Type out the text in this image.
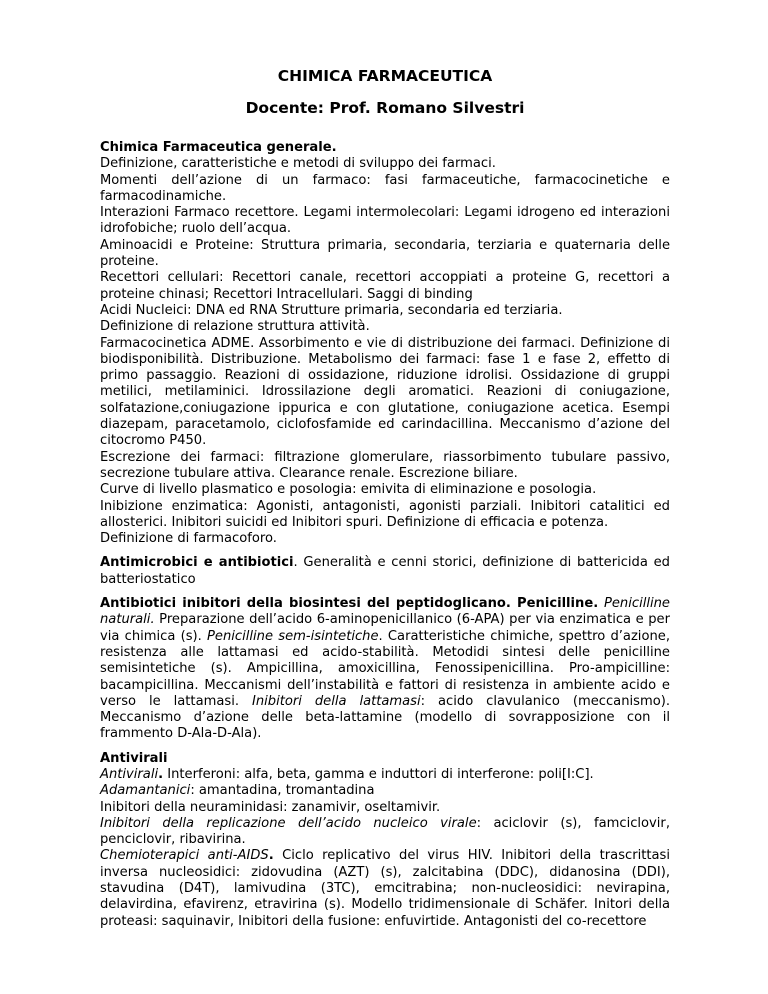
CHIMICA FARMACEUTICA
Docente: Prof. Romano Silvestri

Chimica Farmaceutica generale.

Definizione, caratteristiche e metodi di sviluppo dei farmaci.

Momenti dell’azione di un farmaco: fasi farmaceutiche, farmacocinetiche e farmacodinamiche.

Interazioni Farmaco recettore. Legami intermolecolari: Legami idrogeno ed interazioni idrofobiche; ruolo dell’acqua.

Aminoacidi e Proteine: Struttura primaria, secondaria, terziaria e quaternaria delle proteine.

Recettori cellulari: Recettori canale, recettori accoppiati a proteine G, recettori a proteine chinasi; Recettori Intracellulari. Saggi di binding

Acidi Nucleici: DNA ed RNA Strutture primaria, secondaria ed terziaria.

Definizione di relazione struttura attività.

Farmacocinetica ADME. Assorbimento e vie di distribuzione dei farmaci. Definizione di biodisponibilità. Distribuzione. Metabolismo dei farmaci: fase 1 e fase 2, effetto di primo passaggio. Reazioni di ossidazione, riduzione idrolisi. Ossidazione di gruppi metilici, metilaminici. Idrossilazione degli aromatici. Reazioni di coniugazione, solfatazione,coniugazione ippurica e con glutatione, coniugazione acetica. Esempi diazepam, paracetamolo, ciclofosfamide ed carindacillina. Meccanismo d’azione del citocromo P450.

Escrezione dei farmaci: filtrazione glomerulare, riassorbimento tubulare passivo, secrezione tubulare attiva. Clearance renale. Escrezione biliare.

Curve di livello plasmatico e posologia: emivita di eliminazione e posologia.

Inibizione enzimatica: Agonisti, antagonisti, agonisti parziali. Inibitori catalitici ed allosterici. Inibitori suicidi ed Inibitori spuri. Definizione di efficacia e potenza.

Definizione di farmacoforo.

Antimicrobici e antibiotici. Generalità e cenni storici, definizione di battericida ed batteriostatico

Antibiotici inibitori della biosintesi del peptidoglicano. Penicilline. Penicilline naturali. Preparazione dell’acido 6-aminopenicillanico (6-APA) per via enzimatica e per via chimica (s). Penicilline sem-isintetiche. Caratteristiche chimiche, spettro d’azione, resistenza alle lattamasi ed acido-stabilità. Metodidi sintesi delle penicilline semisintetiche (s). Ampicillina, amoxicillina, Fenossipenicillina. Pro-ampicilline: bacampicillina. Meccanismi dell’instabilità e fattori di resistenza in ambiente acido e verso le lattamasi. Inibitori della lattamasi: acido clavulanico (meccanismo). Meccanismo d’azione delle beta-lattamine (modello di sovrapposizione con il frammento D-Ala-D-Ala).

Antivirali

Antivirali. Interferoni: alfa, beta, gamma e induttori di interferone: poli[I:C].

Adamantanici: amantadina, tromantadina

Inibitori della neuraminidasi: zanamivir, oseltamivir.

Inibitori della replicazione dell’acido nucleico virale: aciclovir (s), famciclovir, penciclovir, ribavirina.

Chemioterapici anti-AIDS. Ciclo replicativo del virus HIV. Inibitori della trascrittasi inversa nucleosidici: zidovudina (AZT) (s), zalcitabina (DDC), didanosina (DDI), stavudina (D4T), lamivudina (3TC), emcitrabina; non-nucleosidici: nevirapina, delavirdina, efavirenz, etravirina (s). Modello tridimensionale di Schäfer. Initori della proteasi: saquinavir, Inibitori della fusione: enfuvirtide. Antagonisti del co-recettore
